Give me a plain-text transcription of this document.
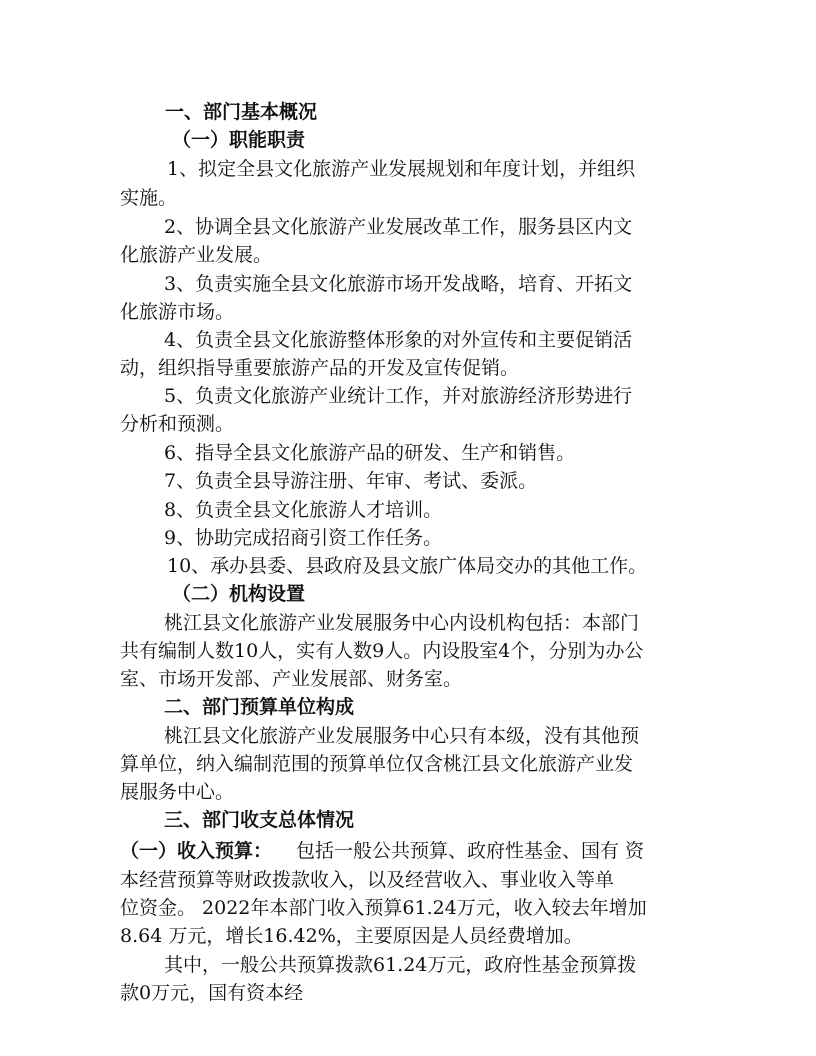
一、部门基本概况

（一）职能职责

1、拟定全县文化旅游产业发展规划和年度计划，并组织

实施。

2、协调全县文化旅游产业发展改革工作，服务县区内文

化旅游产业发展。

3、负责实施全县文化旅游市场开发战略，培育、开拓文

化旅游市场。

4、负责全县文化旅游整体形象的对外宣传和主要促销活

动，组织指导重要旅游产品的开发及宣传促销。

5、负责文化旅游产业统计工作，并对旅游经济形势进行

分析和预测。

6、指导全县文化旅游产品的研发、生产和销售。

7、负责全县导游注册、年审、考试、委派。

8、负责全县文化旅游人才培训。

9、协助完成招商引资工作任务。

10、承办县委、县政府及县文旅广体局交办的其他工作。

（二）机构设置

桃江县文化旅游产业发展服务中心内设机构包括：本部门

共有编制人数10人，实有人数9人。内设股室4个，分别为办公

室、市场开发部、产业发展部、财务室。

二、部门预算单位构成

桃江县文化旅游产业发展服务中心只有本级，没有其他预

算单位，纳入编制范围的预算单位仅含桃江县文化旅游产业发

展服务中心。

三、部门收支总体情况

（一）收入预算： 包括一般公共预算、政府性基金、国有 资

本经营预算等财政拨款收入，以及经营收入、事业收入等单

位资金。 2022年本部门收入预算61.24万元，收入较去年增加

8.64 万元，增长16.42%，主要原因是人员经费增加。

其中，一般公共预算拨款61.24万元，政府性基金预算拨

款0万元，国有资本经
